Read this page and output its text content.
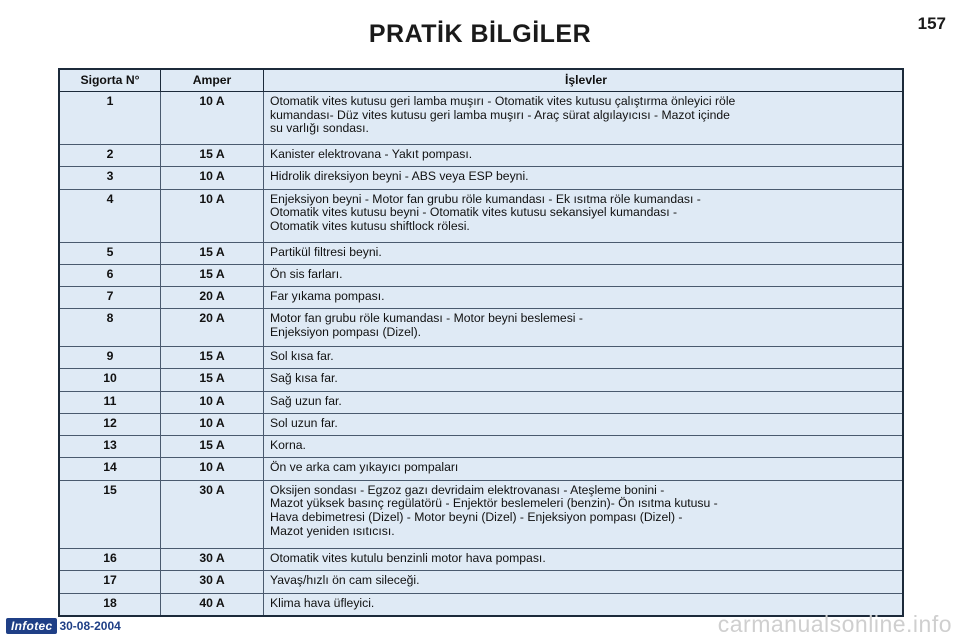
PRATİK BİLGİLER	157
Sigorta N°	Amper	İşlevler
1	10 A	Otomatik vites kutusu geri lamba muşırı - Otomatik vites kutusu çalıştırma önleyici röle
kumandası- Düz vites kutusu geri lamba muşırı - Araç sürat algılayıcısı - Mazot içinde
su varlığı sondası.
2	15 A	Kanister elektrovana - Yakıt pompası.
3	10 A	Hidrolik direksiyon beyni - ABS veya ESP beyni.
4	10 A	Enjeksiyon beyni - Motor fan grubu röle kumandası - Ek ısıtma röle kumandası -
Otomatik vites kutusu beyni - Otomatik vites kutusu sekansiyel kumandası -
Otomatik vites kutusu shiftlock rölesi.
5	15 A	Partikül filtresi beyni.
6	15 A	Ön sis farları.
7	20 A	Far yıkama pompası.
8	20 A	Motor fan grubu röle kumandası - Motor beyni beslemesi -
Enjeksiyon pompası (Dizel).
9	15 A	Sol kısa far.
10	15 A	Sağ kısa far.
11	10 A	Sağ uzun far.
12	10 A	Sol uzun far.
13	15 A	Korna.
14	10 A	Ön ve arka cam yıkayıcı pompaları
15	30 A	Oksijen sondası - Egzoz gazı devridaim elektrovanası - Ateşleme bonini -
Mazot yüksek basınç regülatörü - Enjektör beslemeleri (benzin)- Ön ısıtma kutusu -
Hava debimetresi (Dizel) - Motor beyni (Dizel) - Enjeksiyon pompası (Dizel) -
Mazot yeniden ısıtıcısı.
16	30 A	Otomatik vites kutulu benzinli motor hava pompası.
17	30 A	Yavaş/hızlı ön cam sileceği.
18	40 A	Klima hava üfleyici.
Infotec 30-08-2004	carmanualsonline.info
